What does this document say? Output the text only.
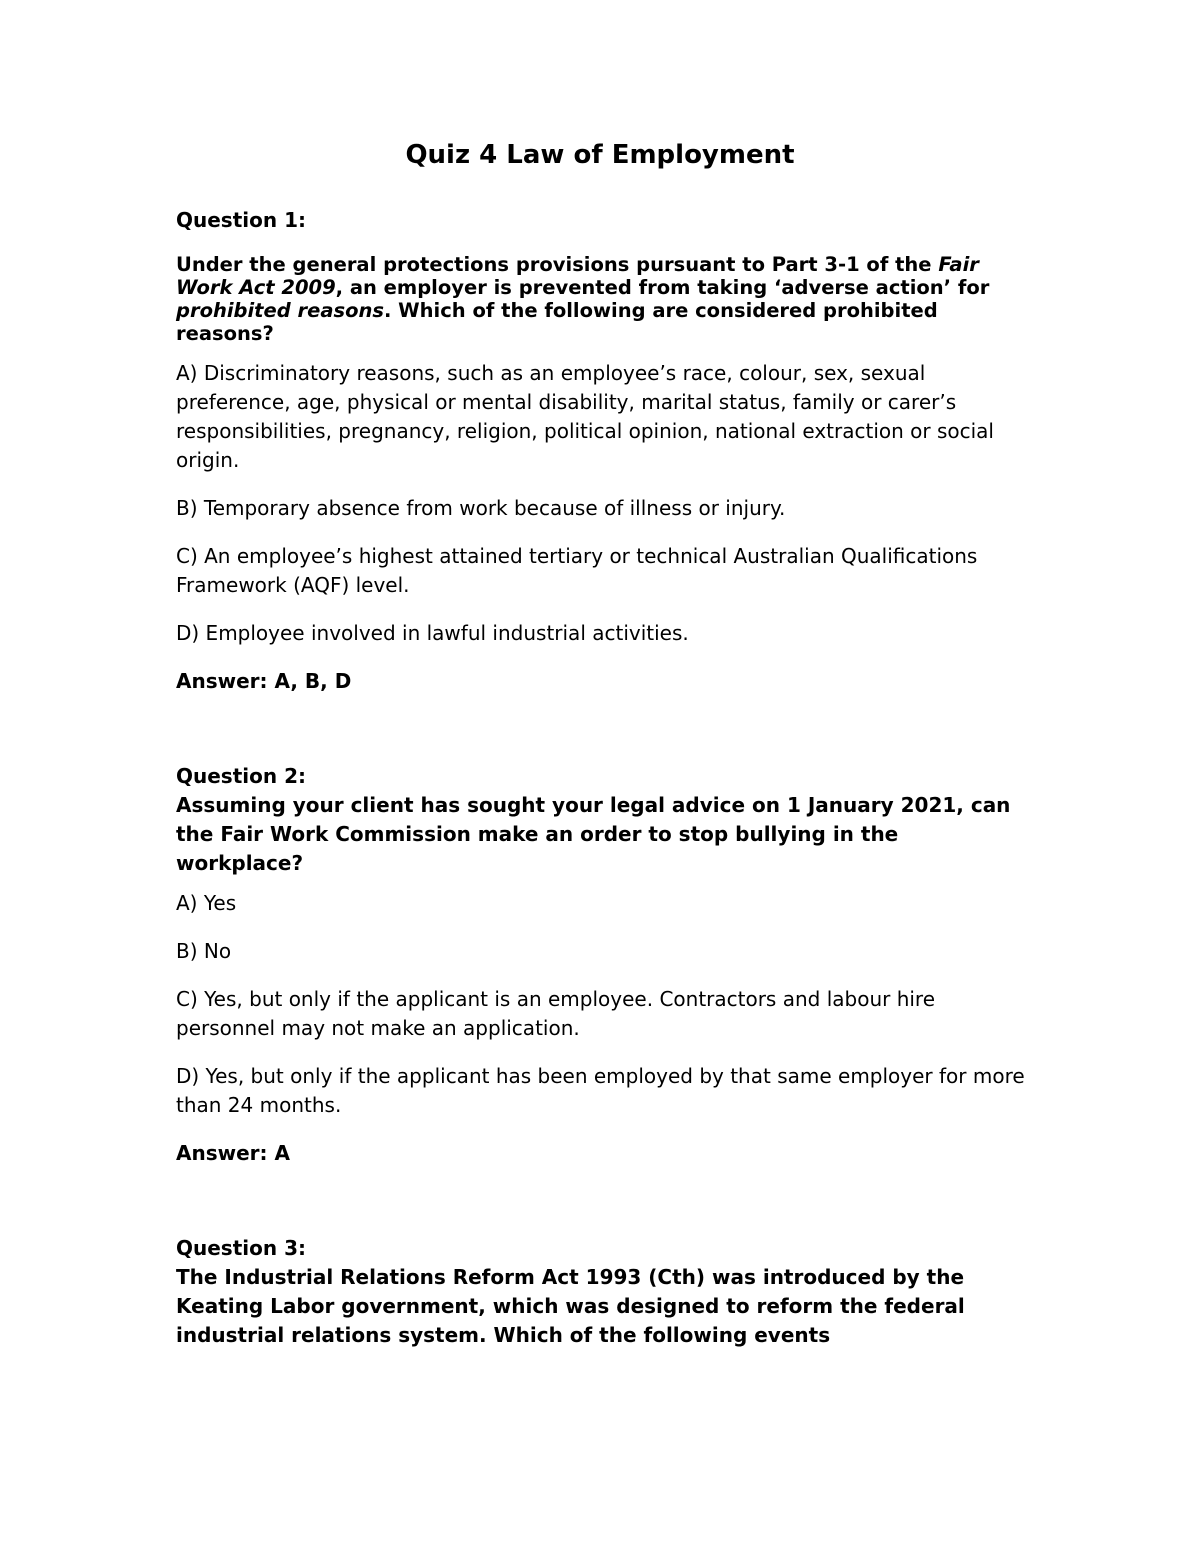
Quiz 4 Law of Employment

Question 1:

Under the general protections provisions pursuant to Part 3-1 of the Fair Work Act 2009, an employer is prevented from taking ‘adverse action’ for prohibited reasons. Which of the following are considered prohibited reasons?

A) Discriminatory reasons, such as an employee’s race, colour, sex, sexual preference, age, physical or mental disability, marital status, family or carer’s responsibilities, pregnancy, religion, political opinion, national extraction or social origin.

B) Temporary absence from work because of illness or injury.

C) An employee’s highest attained tertiary or technical Australian Qualifications Framework (AQF) level.

D) Employee involved in lawful industrial activities.

Answer: A, B, D

Question 2:

Assuming your client has sought your legal advice on 1 January 2021, can the Fair Work Commission make an order to stop bullying in the workplace?

A) Yes

B) No

C) Yes, but only if the applicant is an employee. Contractors and labour hire personnel may not make an application.

D) Yes, but only if the applicant has been employed by that same employer for more than 24 months.

Answer: A

Question 3:

The Industrial Relations Reform Act 1993 (Cth) was introduced by the Keating Labor government, which was designed to reform the federal industrial relations system. Which of the following events
